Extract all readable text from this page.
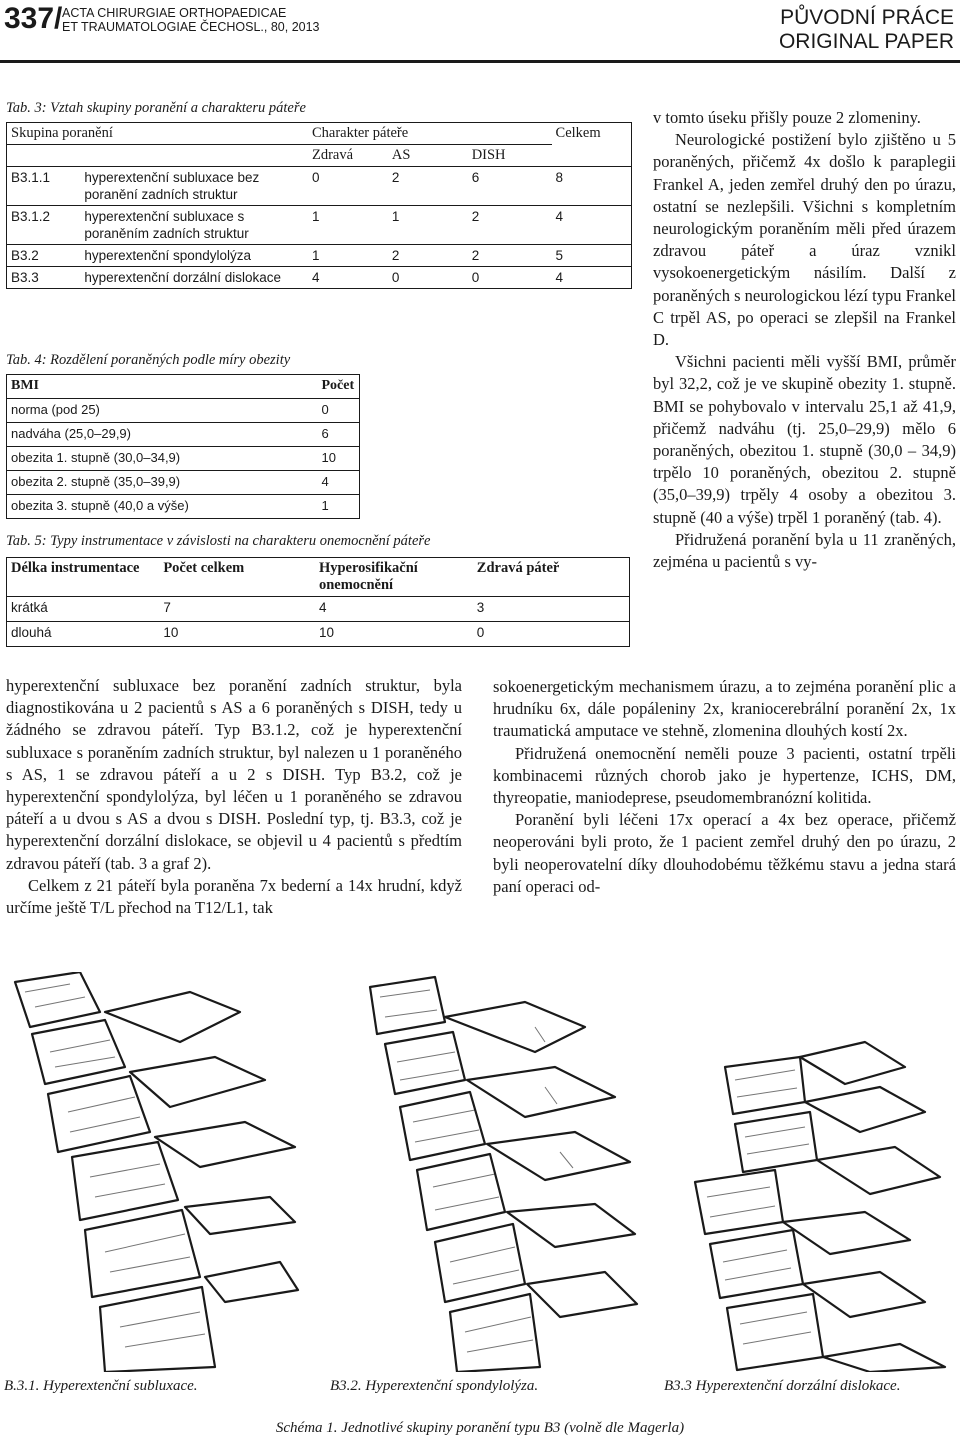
337/ ACTA CHIRURGIAE ORTHOPAEDICAE
ET TRAUMATOLOGIAE ČECHOSL., 80, 2013	PŮVODNÍ PRÁCE
ORIGINAL PAPER
Tab. 3: Vztah skupiny poranění a charakteru páteře
Skupina poranění		Charakter páteře			Celkem
		Zdravá	AS	DISH	
B3.1.1	hyperextenční subluxace bez poranění zadních struktur	0	2	6	8
B3.1.2	hyperextenční subluxace s poraněním zadních struktur	1	1	2	4
B3.2	hyperextenční spondylolýza	1	2	2	5
B3.3	hyperextenční dorzální dislokace	4	0	0	4
Tab. 4: Rozdělení poraněných podle míry obezity
BMI	Počet
norma (pod 25)	0
nadváha (25,0–29,9)	6
obezita 1. stupně (30,0–34,9)	10
obezita 2. stupně (35,0–39,9)	4
obezita 3. stupně (40,0 a výše)	1
Tab. 5: Typy instrumentace v závislosti na charakteru onemocnění páteře
Délka instrumentace	Počet celkem	Hyperosifikační onemocnění	Zdravá páteř
krátká	7	4	3
dlouhá	10	10	0

hyperextenční subluxace bez poranění zadních struktur, byla diagnostikována u 2 pacientů s AS a 6 poraněných s DISH, tedy u žádného se zdravou páteří. Typ B3.1.2, což je hyperextenční subluxace s poraněním zadních struktur, byl nalezen u 1 poraněného s AS, 1 se zdravou páteří a u 2 s DISH. Typ B3.2, což je hyperextenční spondylolýza, byl léčen u 1 poraněného se zdravou páteří a u dvou s AS a dvou s DISH. Poslední typ, tj. B3.3, což je hyperextenční dorzální dislokace, se objevil u 4 pacientů s předtím zdravou páteří (tab. 3 a graf 2).

Celkem z 21 páteří byla poraněna 7x bederní a 14x hrudní, když určíme ještě T/L přechod na T12/L1, tak

v tomto úseku přišly pouze 2 zlomeniny.

Neurologické postižení bylo zjištěno u 5 poraněných, přičemž 4x došlo k paraplegii Frankel A, jeden zemřel druhý den po úrazu, ostatní se nezlepšili. Všichni s kompletním neurologickým poraněním měli před úrazem zdravou páteř a úraz vznikl vysokoenergetickým násilím. Další z poraněných s neurologickou lézí typu Frankel C trpěl AS, po operaci se zlepšil na Frankel D.

Všichni pacienti měli vyšší BMI, průměr byl 32,2, což je ve skupině obezity 1. stupně. BMI se pohybovalo v intervalu 25,1 až 41,9, přičemž nadváhu (tj. 25,0–29,9) mělo 6 poraněných, obezitou 1. stupně (30,0 – 34,9) trpělo 10 poraněných, obezitou 2. stupně (35,0–39,9) trpěly 4 osoby a obezitou 3. stupně (40 a výše) trpěl 1 poraněný (tab. 4).

Přidružená poranění byla u 11 zraněných, zejména u pacientů s vy-

sokoenergetickým mechanismem úrazu, a to zejména poranění plic a hrudníku 6x, dále popáleniny 2x, kraniocerebrální poranění 2x, 1x traumatická amputace ve stehně, zlomenina dlouhých kostí 2x.

Přidružená onemocnění neměli pouze 3 pacienti, ostatní trpěli kombinacemi různých chorob jako je hypertenze, ICHS, DM, thyreopatie, maniodeprese, pseudomembranózní kolitida.

Poranění byli léčeni 17x operací a 4x bez operace, přičemž neoperováni byli proto, že 1 pacient zemřel druhý den po úrazu, 2 byli neoperovatelní díky dlouhodobému těžkému stavu a jedna stará paní operaci od-

B.3.1. Hyperextenční subluxace.	B3.2. Hyperextenční spondylolýza.	B3.3 Hyperextenční dorzální dislokace.
Schéma 1. Jednotlivé skupiny poranění typu B3 (volně dle Magerla)
